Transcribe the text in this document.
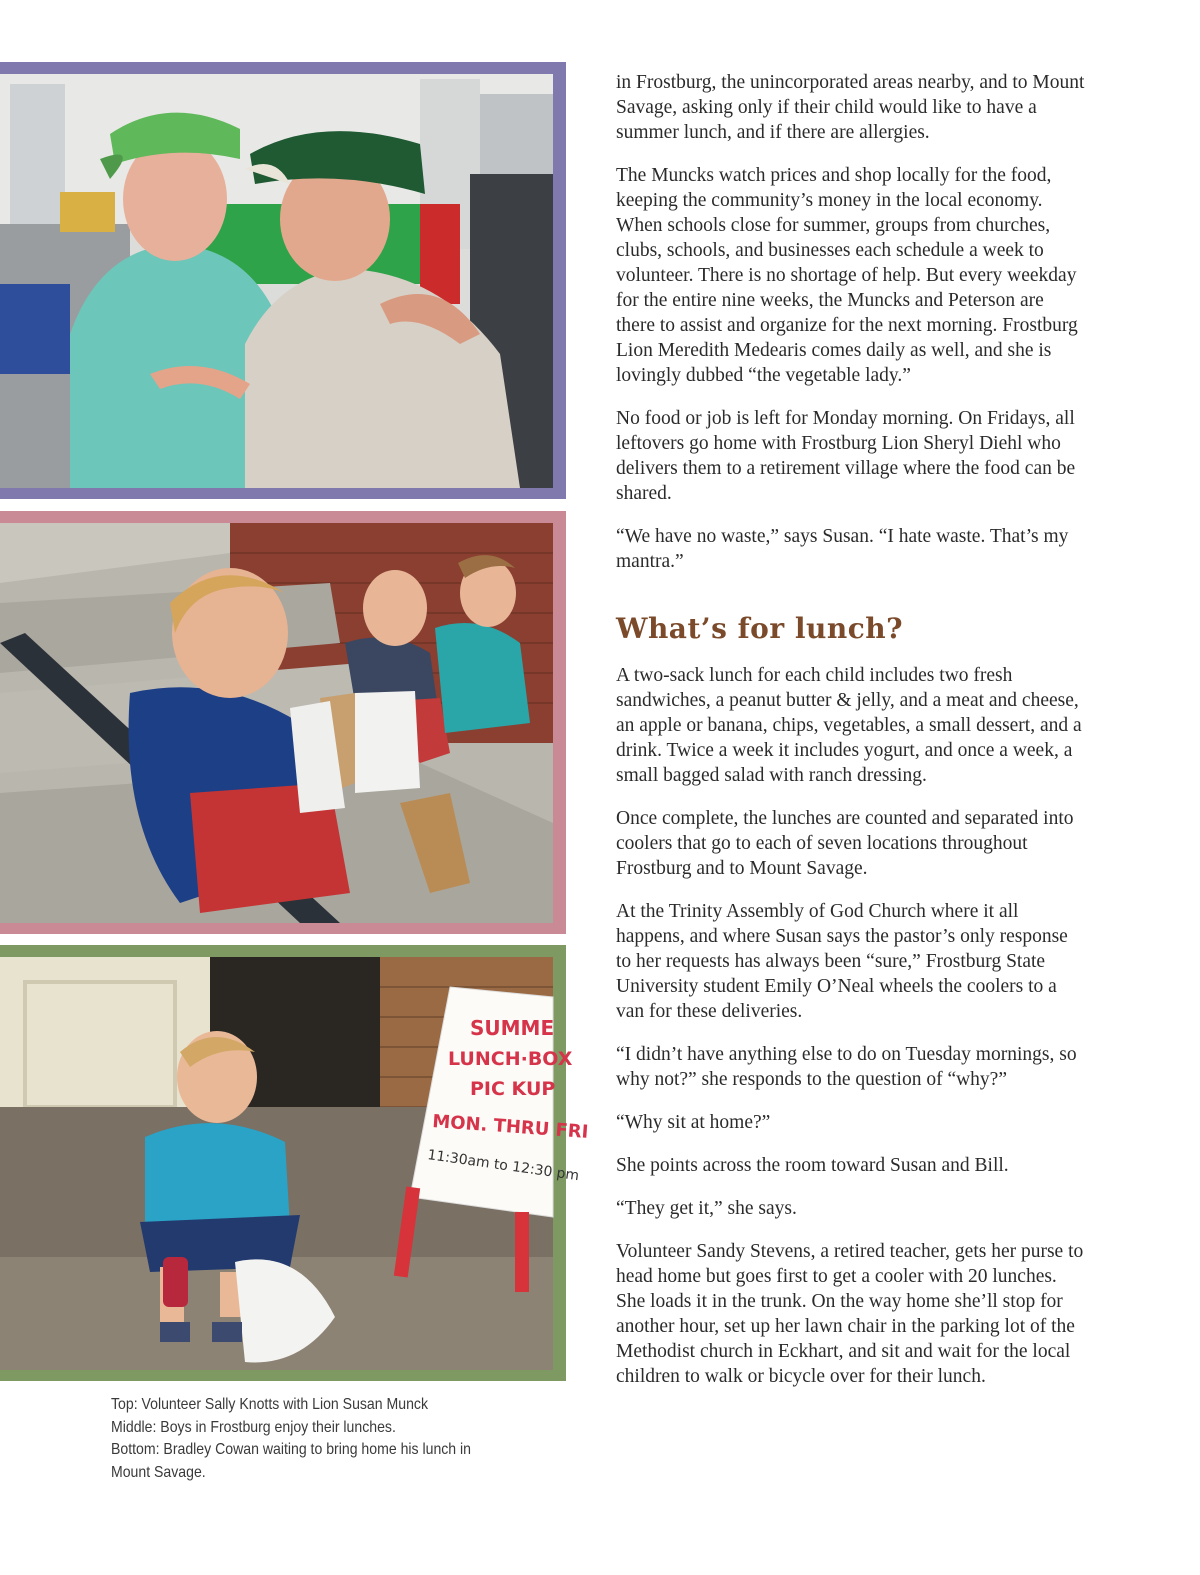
SUMME
LUNCH·BOX
PIC KUP
MON. THRU FRI
11:30am to 12:30 pm
Top: Volunteer Sally Knotts with Lion Susan Munck
Middle: Boys in Frostburg enjoy their lunches.
Bottom: Bradley Cowan waiting to bring home his lunch in
Mount Savage.

in Frostburg, the unincorporated areas nearby, and to Mount Savage, asking only if their child would like to have a summer lunch, and if there are allergies.

The Muncks watch prices and shop locally for the food, keeping the community’s money in the local economy. When schools close for summer, groups from churches, clubs, schools, and businesses each schedule a week to volunteer. There is no shortage of help. But every weekday for the entire nine weeks, the Muncks and Peterson are there to assist and organize for the next morning. Frostburg Lion Meredith Medearis comes daily as well, and she is lovingly dubbed “the vegetable lady.”

No food or job is left for Monday morning. On Fridays, all leftovers go home with Frostburg Lion Sheryl Diehl who delivers them to a retirement village where the food can be shared.

“We have no waste,” says Susan. “I hate waste. That’s my mantra.”

What’s for lunch?

A two-sack lunch for each child includes two fresh sandwiches, a peanut butter & jelly, and a meat and cheese, an apple or banana, chips, vegetables, a small dessert, and a drink. Twice a week it includes yogurt, and once a week, a small bagged salad with ranch dressing.

Once complete, the lunches are counted and separated into coolers that go to each of seven locations throughout Frostburg and to Mount Savage.

At the Trinity Assembly of God Church where it all happens, and where Susan says the pastor’s only response to her requests has always been “sure,” Frostburg State University student Emily O’Neal wheels the coolers to a van for these deliveries.

“I didn’t have anything else to do on Tuesday mornings, so why not?” she responds to the question of “why?”

“Why sit at home?”

She points across the room toward Susan and Bill.

“They get it,” she says.

Volunteer Sandy Stevens, a retired teacher, gets her purse to head home but goes first to get a cooler with 20 lunches. She loads it in the trunk. On the way home she’ll stop for another hour, set up her lawn chair in the parking lot of the Methodist church in Eckhart, and sit and wait for the local children to walk or bicycle over for their lunch.
